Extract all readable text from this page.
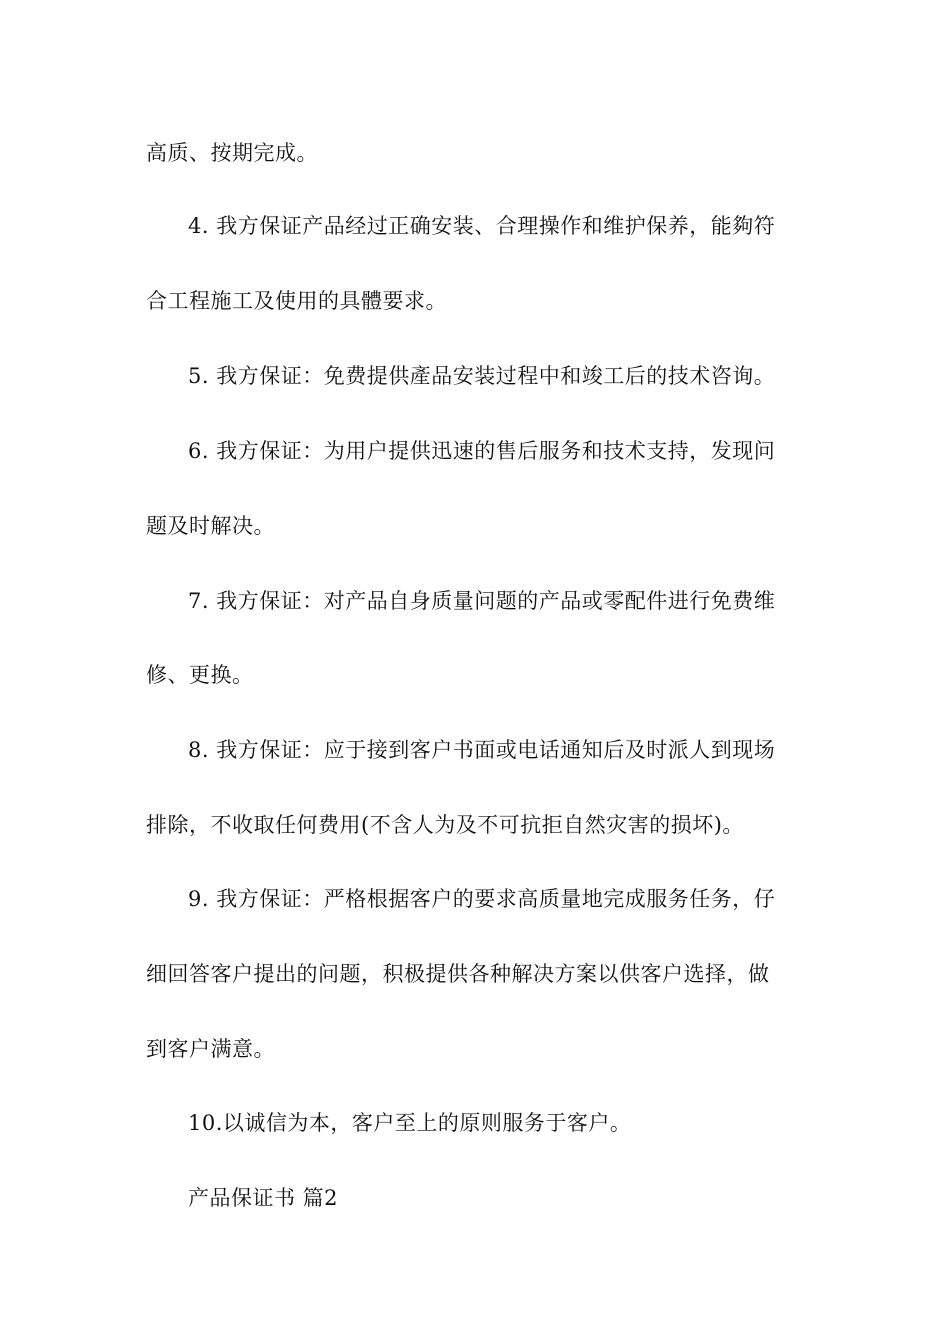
高质、按期完成。
4. 我方保证产品经过正确安装、合理操作和维护保养，能夠符
合工程施工及使用的具體要求。
5. 我方保证：免费提供產品安装过程中和竣工后的技术咨询。
6. 我方保证：为用户提供迅速的售后服务和技术支持，发现问
题及时解决。
7. 我方保证：对产品自身质量问题的产品或零配件进行免费维
修、更换。
8. 我方保证：应于接到客户书面或电话通知后及时派人到现场
排除，不收取任何费用(不含人为及不可抗拒自然灾害的损坏)。
9. 我方保证：严格根据客户的要求高质量地完成服务任务，仔
细回答客户提出的问题，积极提供各种解决方案以供客户选择，做
到客户满意。
10.以诚信为本，客户至上的原则服务于客户。
产品保证书 篇2
